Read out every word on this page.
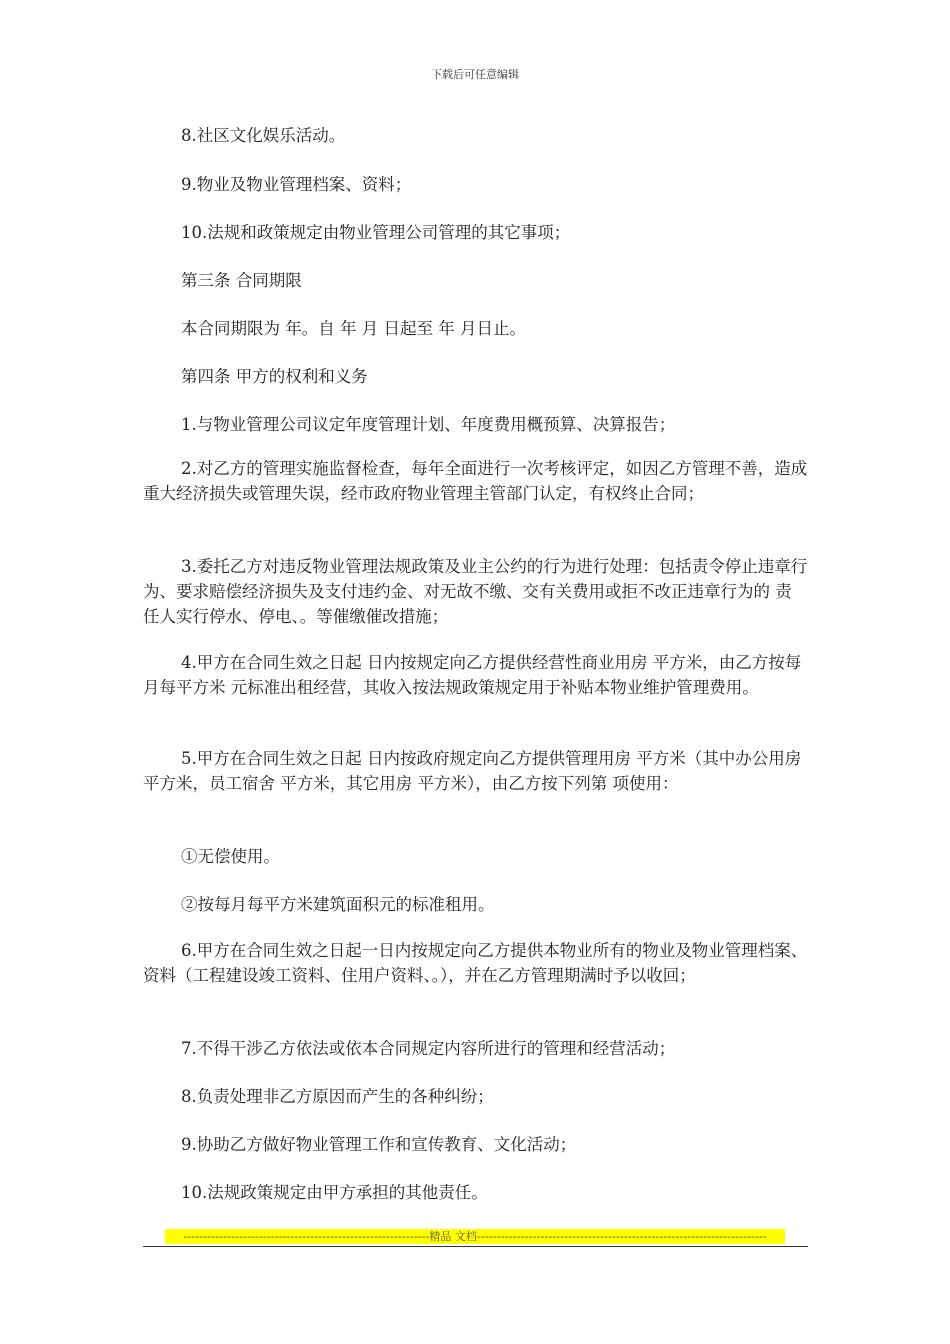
下载后可任意编辑

8.社区文化娱乐活动。

9.物业及物业管理档案、资料；

10.法规和政策规定由物业管理公司管理的其它事项；

第三条 合同期限

本合同期限为 年。自 年 月 日起至 年 月日止。

第四条 甲方的权利和义务

1.与物业管理公司议定年度管理计划、年度费用概预算、决算报告；

2.对乙方的管理实施监督检查，每年全面进行一次考核评定，如因乙方管理不善，造成重大经济损失或管理失误，经市政府物业管理主管部门认定，有权终止合同；

3.委托乙方对违反物业管理法规政策及业主公约的行为进行处理：包括责令停止违章行为、要求赔偿经济损失及支付违约金、对无故不缴、交有关费用或拒不改正违章行为的 责任人实行停水、停电、。等催缴催改措施；

4.甲方在合同生效之日起 日内按规定向乙方提供经营性商业用房 平方米，由乙方按每月每平方米 元标准出租经营，其收入按法规政策规定用于补贴本物业维护管理费用。

5.甲方在合同生效之日起 日内按政府规定向乙方提供管理用房 平方米（其中办公用房 平方米，员工宿舍 平方米，其它用房 平方米），由乙方按下列第 项使用：

①无偿使用。

②按每月每平方米建筑面积元的标准租用。

6.甲方在合同生效之日起一日内按规定向乙方提供本物业所有的物业及物业管理档案、资料（工程建设竣工资料、住用户资料、。），并在乙方管理期满时予以收回；

7.不得干涉乙方依法或依本合同规定内容所进行的管理和经营活动；

8.负责处理非乙方原因而产生的各种纠纷；

9.协助乙方做好物业管理工作和宣传教育、文化活动；

10.法规政策规定由甲方承担的其他责任。

--------------------------------------------------------------精品 文档-------------------------------------------------------------------------
